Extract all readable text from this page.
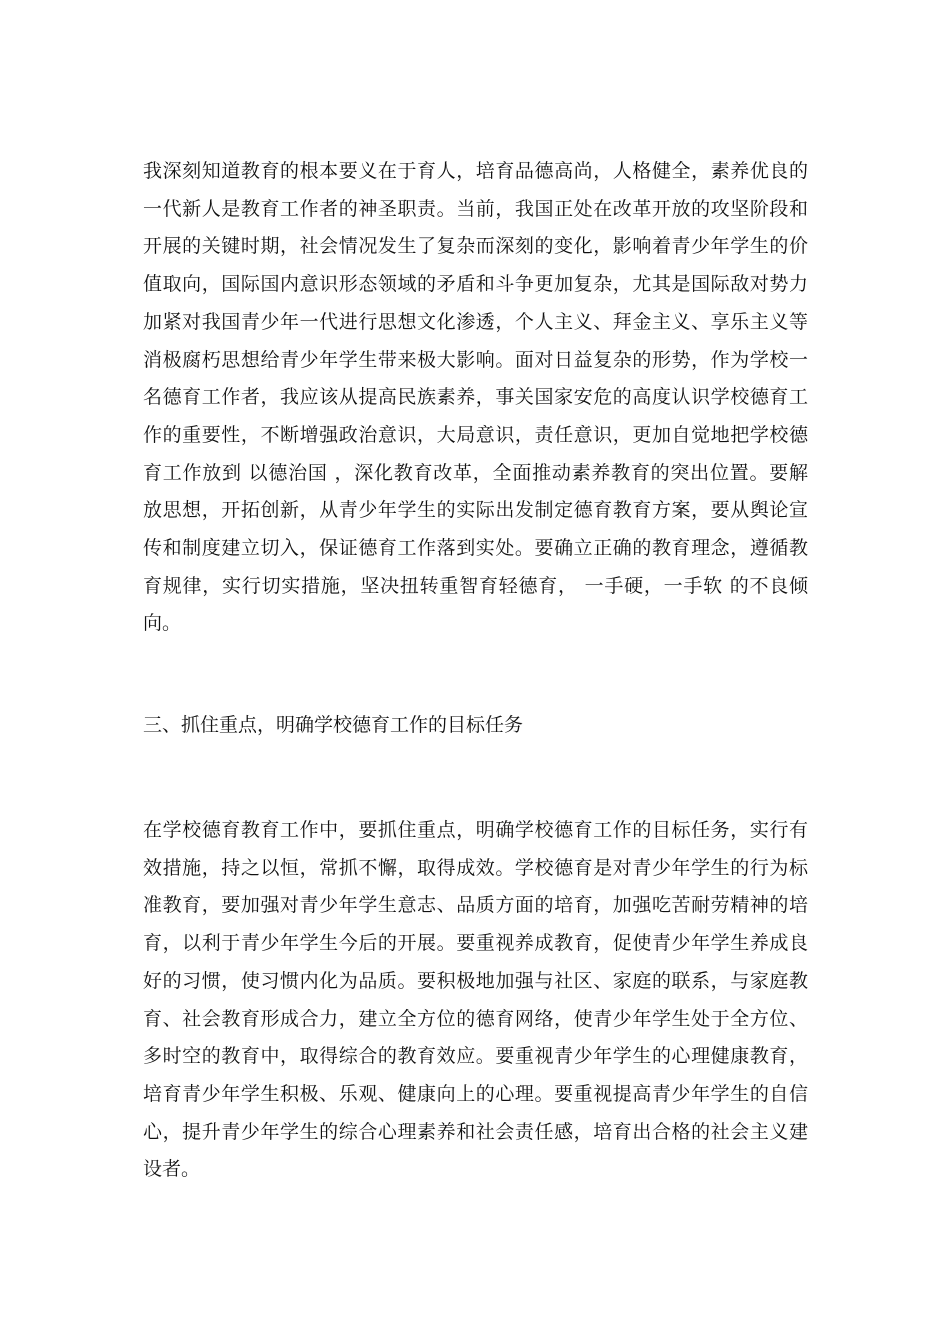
我深刻知道教育的根本要义在于育人，培育品德高尚，人格健全，素养优良的
一代新人是教育工作者的神圣职责。当前，我国正处在改革开放的攻坚阶段和
开展的关键时期，社会情况发生了复杂而深刻的变化，影响着青少年学生的价
值取向，国际国内意识形态领域的矛盾和斗争更加复杂，尤其是国际敌对势力
加紧对我国青少年一代进行思想文化渗透，个人主义、拜金主义、享乐主义等
消极腐朽思想给青少年学生带来极大影响。面对日益复杂的形势，作为学校一
名德育工作者，我应该从提高民族素养，事关国家安危的高度认识学校德育工
作的重要性，不断增强政治意识，大局意识，责任意识，更加自觉地把学校德
育工作放到 以德治国 ，深化教育改革，全面推动素养教育的突出位置。要解
放思想，开拓创新，从青少年学生的实际出发制定德育教育方案，要从舆论宣
传和制度建立切入，保证德育工作落到实处。要确立正确的教育理念，遵循教
育规律，实行切实措施，坚决扭转重智育轻德育， 一手硬，一手软 的不良倾
向。
三、抓住重点，明确学校德育工作的目标任务
在学校德育教育工作中，要抓住重点，明确学校德育工作的目标任务，实行有
效措施，持之以恒，常抓不懈，取得成效。学校德育是对青少年学生的行为标
准教育，要加强对青少年学生意志、品质方面的培育，加强吃苦耐劳精神的培
育，以利于青少年学生今后的开展。要重视养成教育，促使青少年学生养成良
好的习惯，使习惯内化为品质。要积极地加强与社区、家庭的联系，与家庭教
育、社会教育形成合力，建立全方位的德育网络，使青少年学生处于全方位、
多时空的教育中，取得综合的教育效应。要重视青少年学生的心理健康教育，
培育青少年学生积极、乐观、健康向上的心理。要重视提高青少年学生的自信
心，提升青少年学生的综合心理素养和社会责任感，培育出合格的社会主义建
设者。
